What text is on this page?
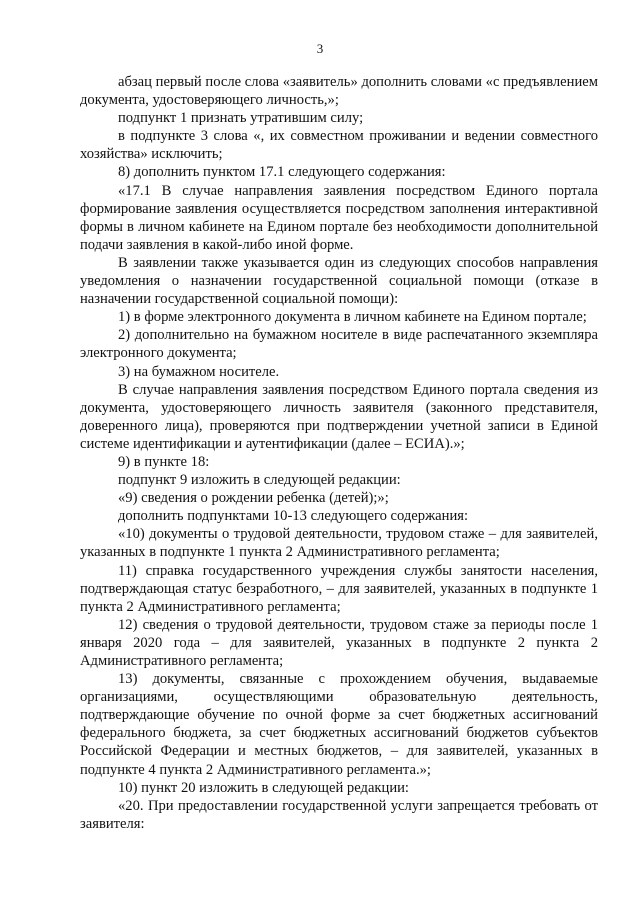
3

абзац первый после слова «заявитель» дополнить словами «с предъявлением документа, удостоверяющего личность,»;

подпункт 1 признать утратившим силу;

в подпункте 3 слова «, их совместном проживании и ведении совместного хозяйства» исключить;

8) дополнить пунктом 17.1 следующего содержания:

«17.1 В случае направления заявления посредством Единого портала формирование заявления осуществляется посредством заполнения интерактивной формы в личном кабинете на Едином портале без необходимости дополнительной подачи заявления в какой-либо иной форме.

В заявлении также указывается один из следующих способов направления уведомления о назначении государственной социальной помощи (отказе в назначении государственной социальной помощи):

1) в форме электронного документа в личном кабинете на Едином портале;

2) дополнительно на бумажном носителе в виде распечатанного экземпляра электронного документа;

3) на бумажном носителе.

В случае направления заявления посредством Единого портала сведения из документа, удостоверяющего личность заявителя (законного представителя, доверенного лица), проверяются при подтверждении учетной записи в Единой системе идентификации и аутентификации (далее – ЕСИА).»;

9) в пункте 18:

подпункт 9 изложить в следующей редакции:

«9) сведения о рождении ребенка (детей);»;

дополнить подпунктами 10-13 следующего содержания:

«10) документы о трудовой деятельности, трудовом стаже – для заявителей, указанных в подпункте 1 пункта 2 Административного регламента;

11) справка государственного учреждения службы занятости населения, подтверждающая статус безработного, – для заявителей, указанных в подпункте 1 пункта 2 Административного регламента;

12) сведения о трудовой деятельности, трудовом стаже за периоды после 1 января 2020 года – для заявителей, указанных в подпункте 2 пункта 2 Административного регламента;

13) документы, связанные с прохождением обучения, выдаваемые организациями, осуществляющими образовательную деятельность, подтверждающие обучение по очной форме за счет бюджетных ассигнований федерального бюджета, за счет бюджетных ассигнований бюджетов субъектов Российской Федерации и местных бюджетов, – для заявителей, указанных в подпункте 4 пункта 2 Административного регламента.»;

10) пункт 20 изложить в следующей редакции:

«20. При предоставлении государственной услуги запрещается требовать от заявителя:
